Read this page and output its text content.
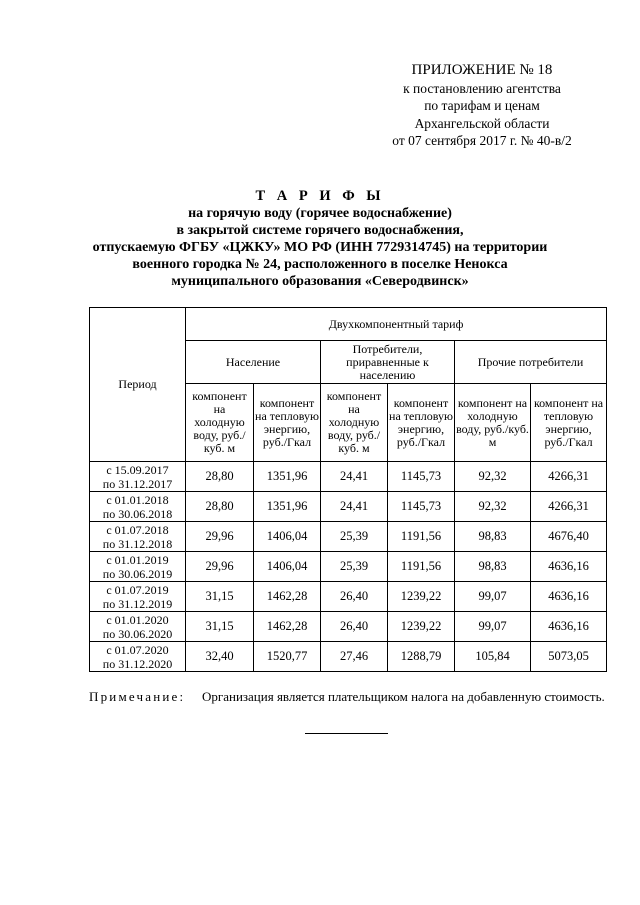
ПРИЛОЖЕНИЕ № 18
к постановлению агентства
по тарифам и ценам
Архангельской области
от 07 сентября 2017 г. № 40-в/2
Т А Р И Ф Ы
на горячую воду (горячее водоснабжение)
в закрытой системе горячего водоснабжения,
отпускаемую ФГБУ «ЦЖКУ» МО РФ (ИНН 7729314745) на территории
военного городка № 24, расположенного в поселке Ненокса
муниципального образования «Северодвинск»
Период	Двухкомпонентный тариф					
	Население		Потребители, приравненные к населению		Прочие потребители	
	компонент на холодную воду, руб./куб. м	компонент на тепловую энергию, руб./Гкал	компонент на холодную воду, руб./куб. м	компонент на тепловую энергию, руб./Гкал	компонент на холодную воду, руб./куб. м	компонент на тепловую энергию, руб./Гкал

с 15.09.2017
по 31.12.2017	28,80	1351,96	24,41	1145,73	92,32	4266,31

с 01.01.2018
по 30.06.2018	28,80	1351,96	24,41	1145,73	92,32	4266,31

с 01.07.2018
по 31.12.2018	29,96	1406,04	25,39	1191,56	98,83	4676,40

с 01.01.2019
по 30.06.2019	29,96	1406,04	25,39	1191,56	98,83	4636,16

с 01.07.2019
по 31.12.2019	31,15	1462,28	26,40	1239,22	99,07	4636,16

с 01.01.2020
по 30.06.2020	31,15	1462,28	26,40	1239,22	99,07	4636,16

с 01.07.2020
по 31.12.2020	32,40	1520,77	27,46	1288,79	105,84	5073,05
Примечание: Организация является плательщиком налога на добавленную стоимость.
